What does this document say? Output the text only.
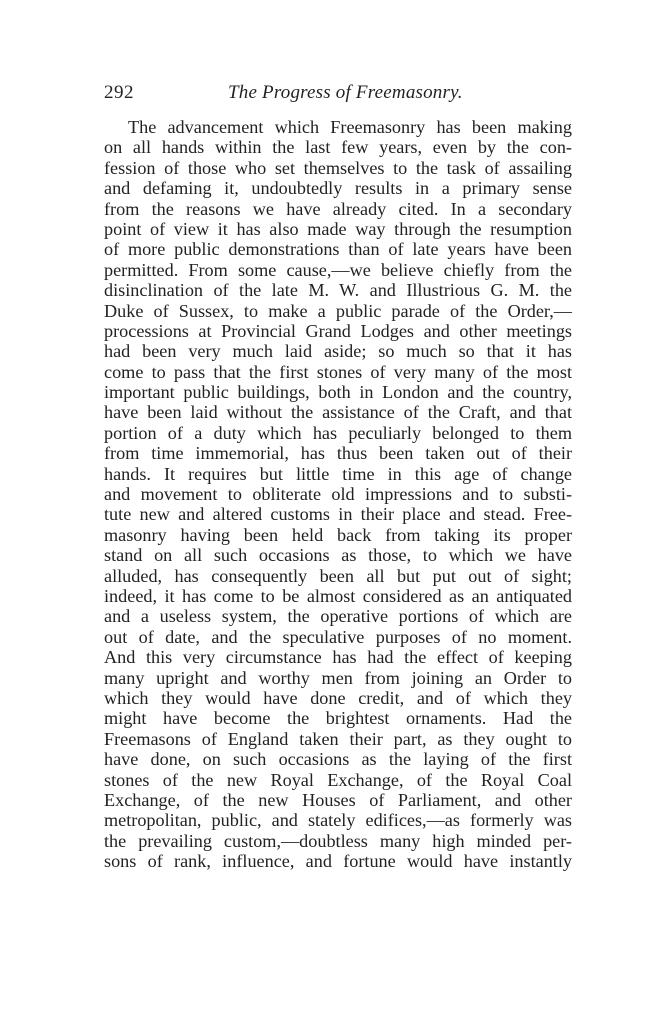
292	The Progress of Freemasonry.
The advancement which Freemasonry has been making
on all hands within the last few years, even by the con-
fession of those who set themselves to the task of assailing
and defaming it, undoubtedly results in a primary sense
from the reasons we have already cited. In a secondary
point of view it has also made way through the resumption
of more public demonstrations than of late years have been
permitted. From some cause,—we believe chiefly from the
disinclination of the late M. W. and Illustrious G. M. the
Duke of Sussex, to make a public parade of the Order,—
processions at Provincial Grand Lodges and other meetings
had been very much laid aside; so much so that it has
come to pass that the first stones of very many of the most
important public buildings, both in London and the country,
have been laid without the assistance of the Craft, and that
portion of a duty which has peculiarly belonged to them
from time immemorial, has thus been taken out of their
hands. It requires but little time in this age of change
and movement to obliterate old impressions and to substi-
tute new and altered customs in their place and stead. Free-
masonry having been held back from taking its proper
stand on all such occasions as those, to which we have
alluded, has consequently been all but put out of sight;
indeed, it has come to be almost considered as an antiquated
and a useless system, the operative portions of which are
out of date, and the speculative purposes of no moment.
And this very circumstance has had the effect of keeping
many upright and worthy men from joining an Order to
which they would have done credit, and of which they
might have become the brightest ornaments. Had the
Freemasons of England taken their part, as they ought to
have done, on such occasions as the laying of the first
stones of the new Royal Exchange, of the Royal Coal
Exchange, of the new Houses of Parliament, and other
metropolitan, public, and stately edifices,—as formerly was
the prevailing custom,—doubtless many high minded per-
sons of rank, influence, and fortune would have instantly
